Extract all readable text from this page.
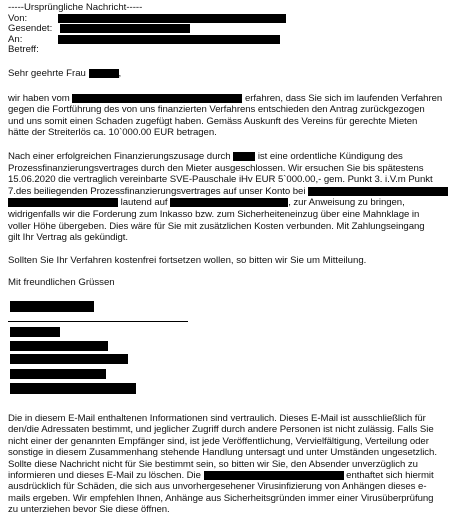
-----Ursprüngliche Nachricht-----
Von:
Gesendet:
An:
Betreff:
Sehr geehrte Frau	,
wir haben vom	erfahren, dass Sie sich im laufenden Verfahren
gegen die Fortführung des von uns finanzierten Verfahrens entschieden den Antrag zurückgezogen
und uns somit einen Schaden zugefügt haben. Gemäss Auskunft des Vereins für gerechte Mieten
hätte der Streiterlös ca. 10`000.00 EUR betragen.
Nach einer erfolgreichen Finanzierungszusage durch	ist eine ordentliche Kündigung des
Prozessfinanzierungsvertrages durch den Mieter ausgeschlossen. Wir ersuchen Sie bis spätestens
15.06.2020 die vertraglich vereinbarte SVE-Pauschale iHv EUR 5`000.00,- gem. Punkt 3. i.V.m Punkt
7.des beiliegenden Prozessfinanzierungsvertrages auf unser Konto bei
lautend auf	, zur Anweisung zu bringen,
widrigenfalls wir die Forderung zum Inkasso bzw. zum Sicherheiteneinzug über eine Mahnklage in
voller Höhe übergeben. Dies wäre für Sie mit zusätzlichen Kosten verbunden. Mit Zahlungseingang
gilt Ihr Vertrag als gekündigt.
Sollten Sie Ihr Verfahren kostenfrei fortsetzen wollen, so bitten wir Sie um Mitteilung.
Mit freundlichen Grüssen
Die in diesem E-Mail enthaltenen Informationen sind vertraulich. Dieses E-Mail ist ausschließlich für
den/die Adressaten bestimmt, und jeglicher Zugriff durch andere Personen ist nicht zulässig. Falls Sie
nicht einer der genannten Empfänger sind, ist jede Veröffentlichung, Vervielfältigung, Verteilung oder
sonstige in diesem Zusammenhang stehende Handlung untersagt und unter Umständen ungesetzlich.
Sollte diese Nachricht nicht für Sie bestimmt sein, so bitten wir Sie, den Absender unverzüglich zu
informieren und dieses E-Mail zu löschen. Die	enthaftet sich hiermit
ausdrücklich für Schäden, die sich aus unvorhergesehener Virusinfizierung von Anhängen dieses e-
mails ergeben. Wir empfehlen Ihnen, Anhänge aus Sicherheitsgründen immer einer Virusüberprüfung
zu unterziehen bevor Sie diese öffnen.
